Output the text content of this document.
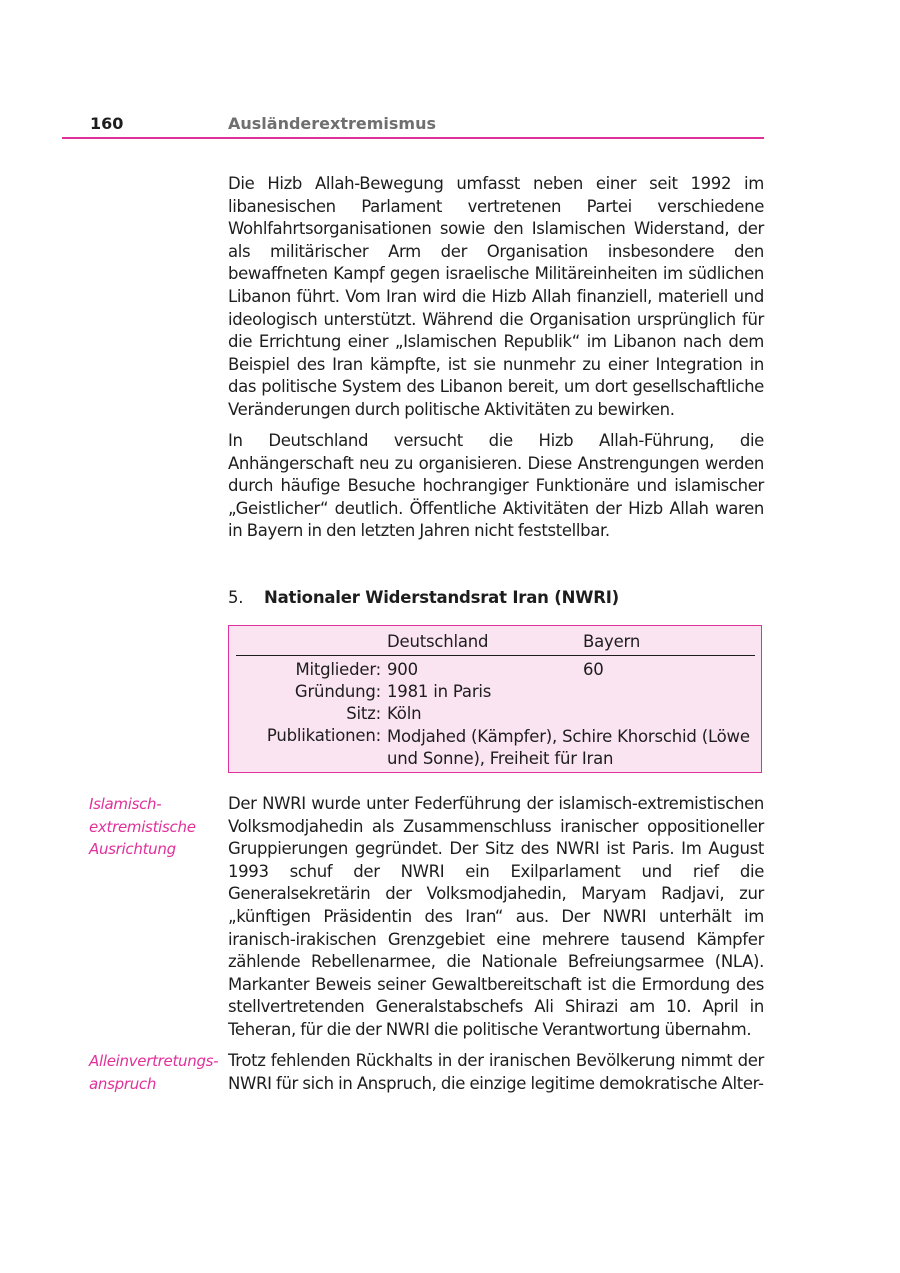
160	Ausländerextremismus

Die Hizb Allah-Bewegung umfasst neben einer seit 1992 im libanesischen Parlament vertretenen Partei verschiedene Wohlfahrtsorganisationen sowie den Islamischen Widerstand, der als militärischer Arm der Organisation insbesondere den bewaffneten Kampf gegen israelische Militäreinheiten im südlichen Libanon führt. Vom Iran wird die Hizb Allah finanziell, materiell und ideologisch unterstützt. Während die Organisation ursprünglich für die Errichtung einer „Islamischen Republik“ im Libanon nach dem Beispiel des Iran kämpfte, ist sie nunmehr zu einer Integration in das politische System des Libanon bereit, um dort gesellschaftliche Veränderungen durch politische Aktivitäten zu bewirken.

In Deutschland versucht die Hizb Allah-Führung, die Anhängerschaft neu zu organisieren. Diese Anstrengungen werden durch häufige Besuche hochrangiger Funktionäre und islamischer „Geistlicher“ deutlich. Öffentliche Aktivitäten der Hizb Allah waren in Bayern in den letzten Jahren nicht feststellbar.

5. Nationaler Widerstandsrat Iran (NWRI)
Deutschland	Bayern
Mitglieder: 900	60
Gründung: 1981 in Paris
Sitz: Köln
Publikationen: Modjahed (Kämpfer), Schire Khorschid (Löwe und Sonne), Freiheit für Iran

Islamisch-extremistische Ausrichtung

Der NWRI wurde unter Federführung der islamisch-extremistischen Volksmodjahedin als Zusammenschluss iranischer oppositioneller Gruppierungen gegründet. Der Sitz des NWRI ist Paris. Im August 1993 schuf der NWRI ein Exilparlament und rief die Generalsekretärin der Volksmodjahedin, Maryam Radjavi, zur „künftigen Präsidentin des Iran“ aus. Der NWRI unterhält im iranisch-irakischen Grenzgebiet eine mehrere tausend Kämpfer zählende Rebellenarmee, die Nationale Befreiungsarmee (NLA). Markanter Beweis seiner Gewaltbereitschaft ist die Ermordung des stellvertretenden Generalstabschefs Ali Shirazi am 10. April in Teheran, für die der NWRI die politische Verantwortung übernahm.

Alleinvertretungs-anspruch

Trotz fehlenden Rückhalts in der iranischen Bevölkerung nimmt der NWRI für sich in Anspruch, die einzige legitime demokratische Alter-
